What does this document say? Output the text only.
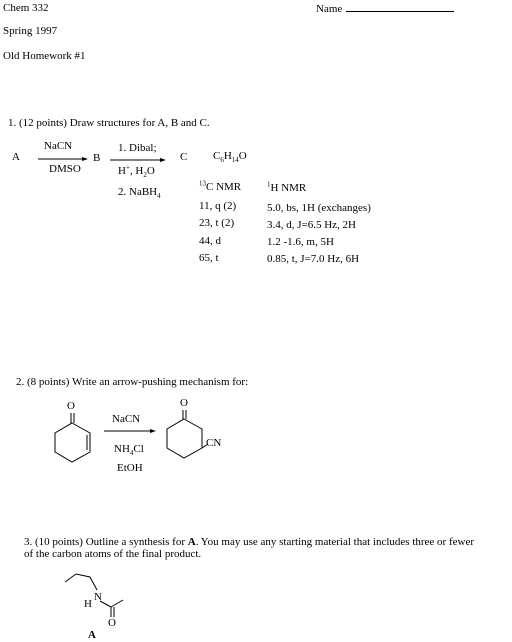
Chem 332	Name
Spring 1997
Old Homework #1
1. (12 points) Draw structures for A, B and C.
A
NaCN
DMSO
B
1. Dibal;
H+, $H_2O$
2. NaBH$_4$
C $C_6H_{14}O$
$^{13}$C NMR	$^1$H NMR
11, q (2)
23, t (2)
44, d
65, t
5.0, bs, 1H (exchanges)
3.4, d, J=6.5 Hz, 2H
1.2 -1.6, m, 5H
0.85, t, J=7.0 Hz, 6H
2. (8 points) Write an arrow-pushing mechanism for:
O
NaCN
$NH_4Cl$
EtOH
O
CN
3. (10 points) Outline a synthesis for A. You may use any starting material that includes three or fewer
of the carbon atoms of the final product.
H
N
O
A
